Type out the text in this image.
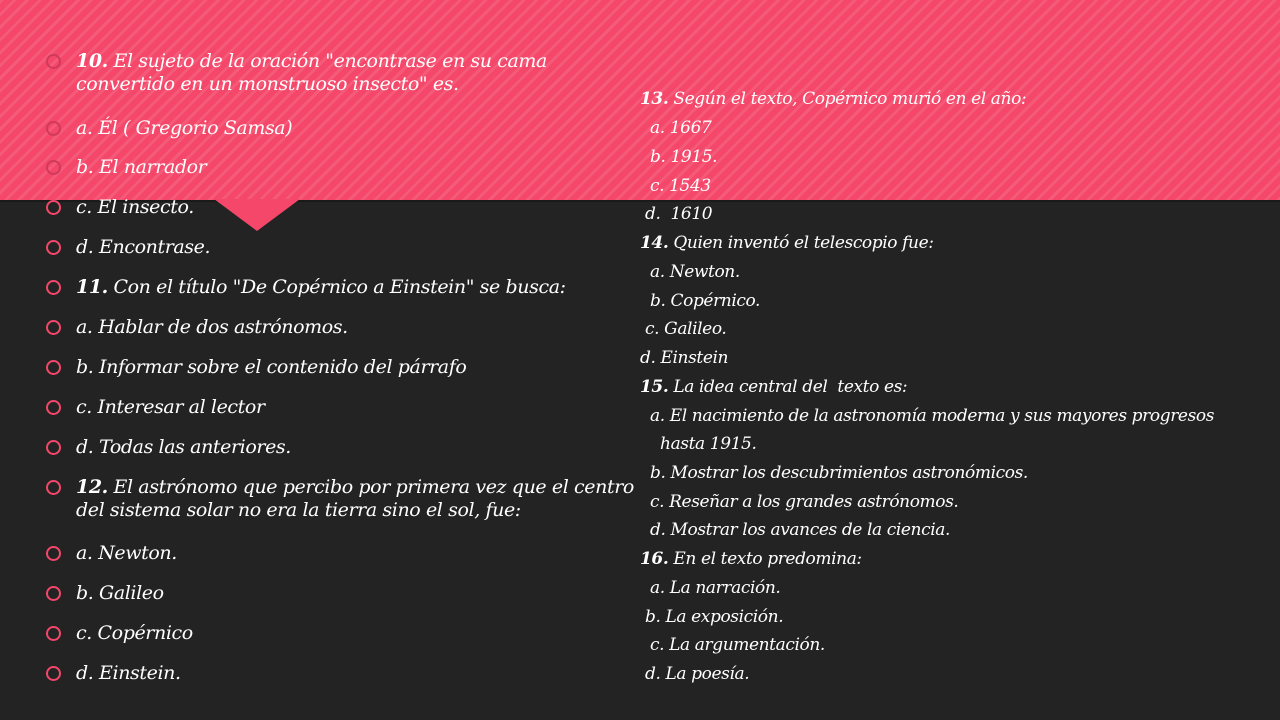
10. El sujeto de la oración "encontrase en su cama convertido en un monstruoso insecto" es.
a. Él ( Gregorio Samsa)
b. El narrador
c. El insecto.
d. Encontrase.
11. Con el título "De Copérnico a Einstein" se busca:
a. Hablar de dos astrónomos.
b. Informar sobre el contenido del párrafo
c. Interesar al lector
d. Todas las anteriores.
12. El astrónomo que percibo por primera vez que el centro del sistema solar no era la tierra sino el sol, fue:
a. Newton.
b. Galileo
c. Copérnico
d. Einstein.
13. Según el texto, Copérnico murió en el año:
a. 1667
b. 1915.
c. 1543
d.  1610
14. Quien inventó el telescopio fue:
a. Newton.
b. Copérnico.
c. Galileo.
d. Einstein
15. La idea central del  texto es:
a. El nacimiento de la astronomía moderna y sus mayores progresos
hasta 1915.
b. Mostrar los descubrimientos astronómicos.
c. Reseñar a los grandes astrónomos.
d. Mostrar los avances de la ciencia.
16. En el texto predomina:
a. La narración.
b. La exposición.
c. La argumentación.
d. La poesía.
